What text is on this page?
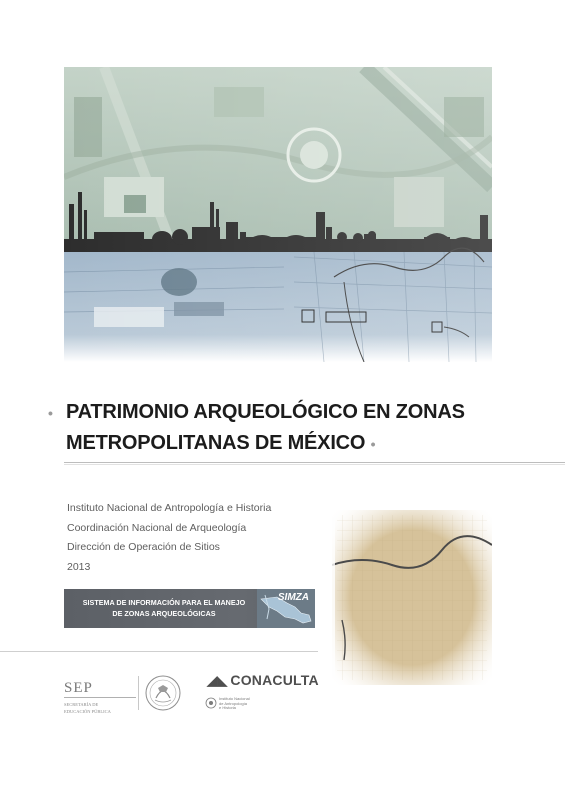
• PATRIMONIO ARQUEOLÓGICO EN ZONAS
METROPOLITANAS DE MÉXICO •
Instituto Nacional de Antropología e Historia
Coordinación Nacional de Arqueología
Dirección de Operación de Sitios
2013
SISTEMA DE INFORMACIÓN PARA EL MANEJO
DE ZONAS ARQUEOLÓGICAS
SIMZA
SEP
SECRETARÍA DE
EDUCACIÓN PÚBLICA
◢◣ CONACULTA
Instituto Nacional
de Antropología
e Historia
